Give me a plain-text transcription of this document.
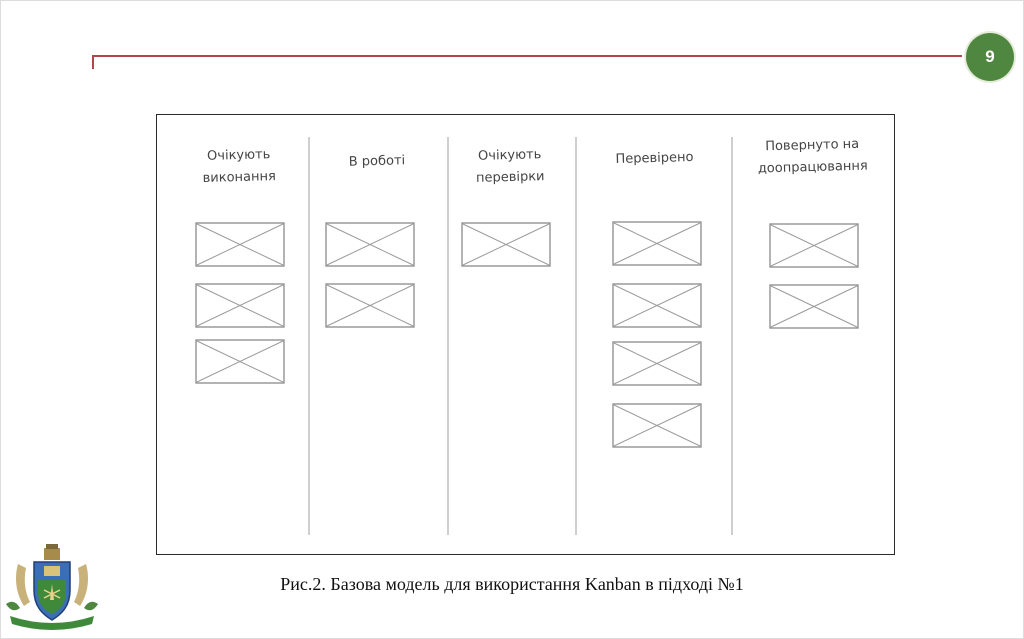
9
Очікують
виконання
В роботі	Очікують
перевірки
Перевірено
Повернуто на
доопрацювання
Рис.2. Базова модель для використання Kanban в підході №1
